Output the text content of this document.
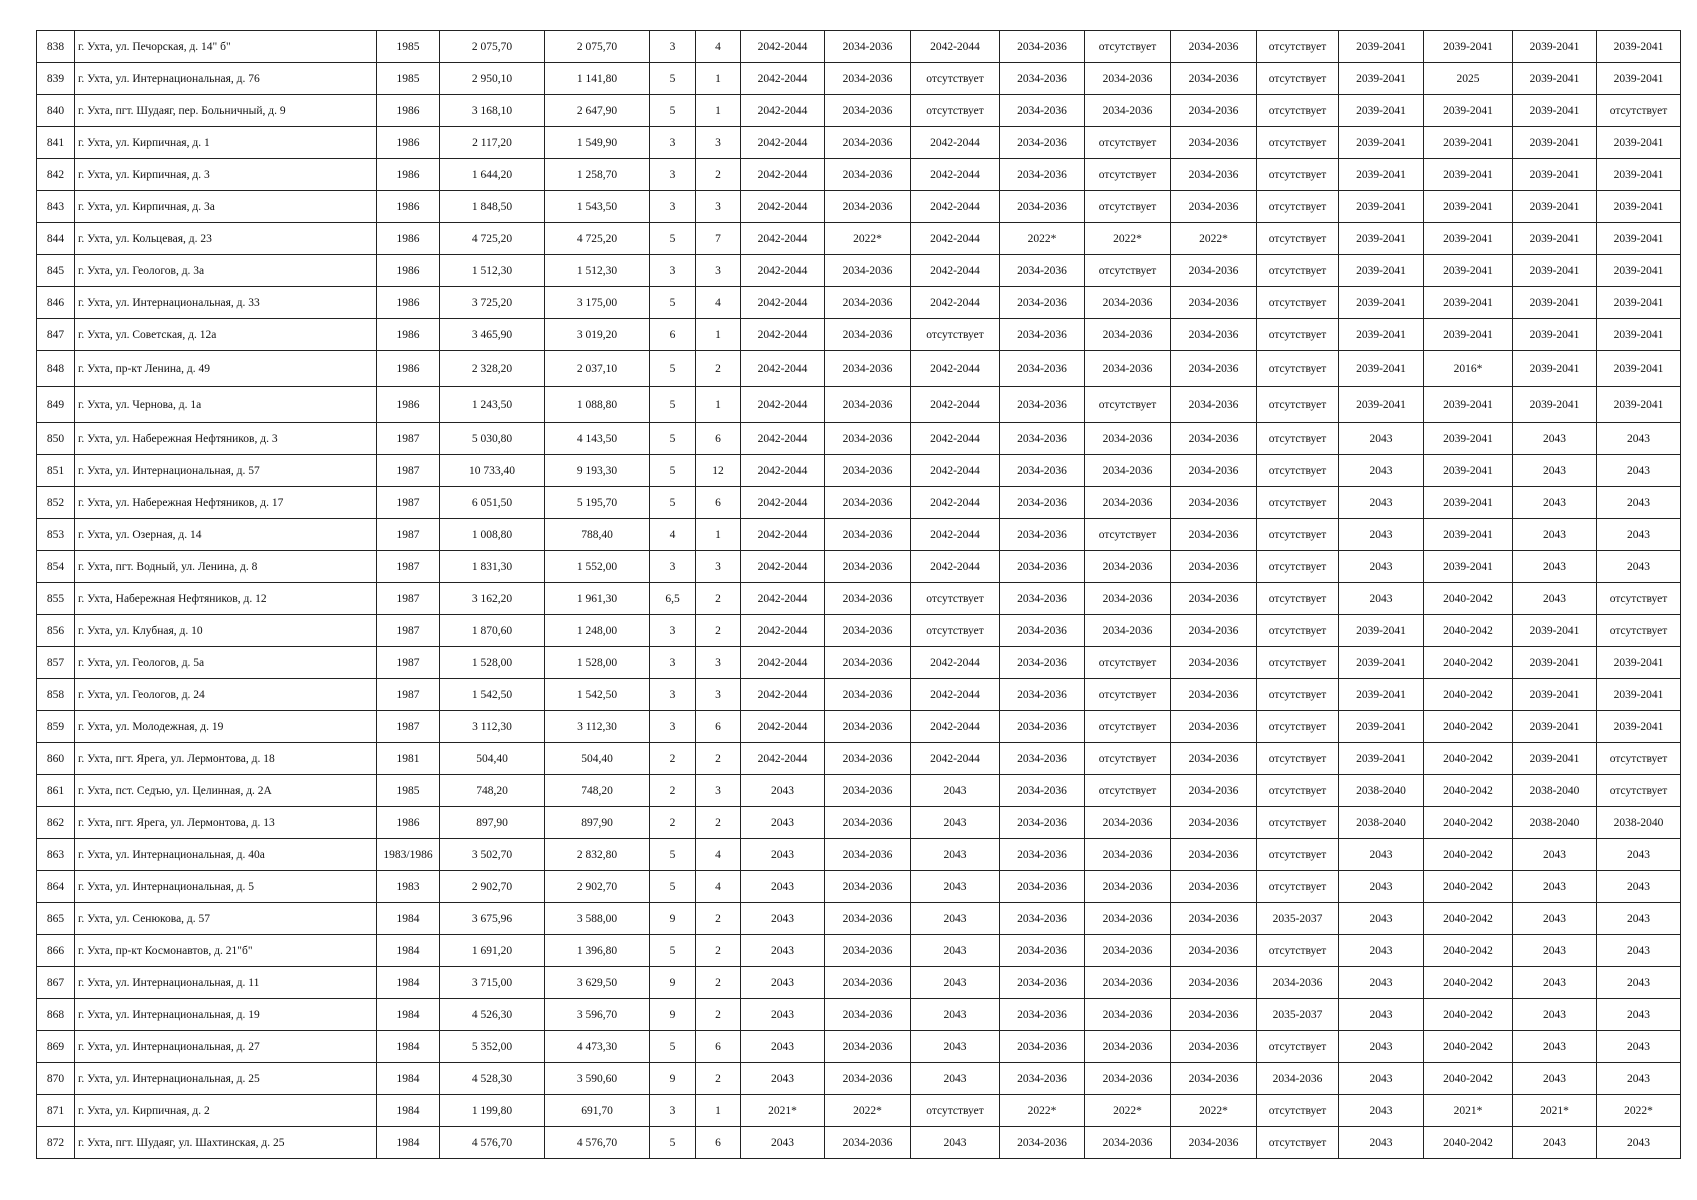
838	г. Ухта, ул. Печорская, д. 14" б"	1985	2 075,70	2 075,70	3	4	2042-2044	2034-2036	2042-2044	2034-2036	отсутствует	2034-2036	отсутствует	2039-2041	2039-2041	2039-2041	2039-2041
839	г. Ухта, ул. Интернациональная, д. 76	1985	2 950,10	1 141,80	5	1	2042-2044	2034-2036	отсутствует	2034-2036	2034-2036	2034-2036	отсутствует	2039-2041	2025	2039-2041	2039-2041
840	г. Ухта, пгт. Шудаяг, пер. Больничный, д. 9	1986	3 168,10	2 647,90	5	1	2042-2044	2034-2036	отсутствует	2034-2036	2034-2036	2034-2036	отсутствует	2039-2041	2039-2041	2039-2041	отсутствует
841	г. Ухта, ул. Кирпичная, д. 1	1986	2 117,20	1 549,90	3	3	2042-2044	2034-2036	2042-2044	2034-2036	отсутствует	2034-2036	отсутствует	2039-2041	2039-2041	2039-2041	2039-2041
842	г. Ухта, ул. Кирпичная, д. 3	1986	1 644,20	1 258,70	3	2	2042-2044	2034-2036	2042-2044	2034-2036	отсутствует	2034-2036	отсутствует	2039-2041	2039-2041	2039-2041	2039-2041
843	г. Ухта, ул. Кирпичная, д. 3а	1986	1 848,50	1 543,50	3	3	2042-2044	2034-2036	2042-2044	2034-2036	отсутствует	2034-2036	отсутствует	2039-2041	2039-2041	2039-2041	2039-2041
844	г. Ухта, ул. Кольцевая, д. 23	1986	4 725,20	4 725,20	5	7	2042-2044	2022*	2042-2044	2022*	2022*	2022*	отсутствует	2039-2041	2039-2041	2039-2041	2039-2041
845	г. Ухта, ул. Геологов, д. 3а	1986	1 512,30	1 512,30	3	3	2042-2044	2034-2036	2042-2044	2034-2036	отсутствует	2034-2036	отсутствует	2039-2041	2039-2041	2039-2041	2039-2041
846	г. Ухта, ул. Интернациональная, д. 33	1986	3 725,20	3 175,00	5	4	2042-2044	2034-2036	2042-2044	2034-2036	2034-2036	2034-2036	отсутствует	2039-2041	2039-2041	2039-2041	2039-2041
847	г. Ухта, ул. Советская, д. 12а	1986	3 465,90	3 019,20	6	1	2042-2044	2034-2036	отсутствует	2034-2036	2034-2036	2034-2036	отсутствует	2039-2041	2039-2041	2039-2041	2039-2041
848	г. Ухта, пр-кт Ленина, д. 49	1986	2 328,20	2 037,10	5	2	2042-2044	2034-2036	2042-2044	2034-2036	2034-2036	2034-2036	отсутствует	2039-2041	2016*	2039-2041	2039-2041
849	г. Ухта, ул. Чернова, д. 1а	1986	1 243,50	1 088,80	5	1	2042-2044	2034-2036	2042-2044	2034-2036	отсутствует	2034-2036	отсутствует	2039-2041	2039-2041	2039-2041	2039-2041
850	г. Ухта, ул. Набережная Нефтяников, д. 3	1987	5 030,80	4 143,50	5	6	2042-2044	2034-2036	2042-2044	2034-2036	2034-2036	2034-2036	отсутствует	2043	2039-2041	2043	2043
851	г. Ухта, ул. Интернациональная, д. 57	1987	10 733,40	9 193,30	5	12	2042-2044	2034-2036	2042-2044	2034-2036	2034-2036	2034-2036	отсутствует	2043	2039-2041	2043	2043
852	г. Ухта, ул. Набережная Нефтяников, д. 17	1987	6 051,50	5 195,70	5	6	2042-2044	2034-2036	2042-2044	2034-2036	2034-2036	2034-2036	отсутствует	2043	2039-2041	2043	2043
853	г. Ухта, ул. Озерная, д. 14	1987	1 008,80	788,40	4	1	2042-2044	2034-2036	2042-2044	2034-2036	отсутствует	2034-2036	отсутствует	2043	2039-2041	2043	2043
854	г. Ухта, пгт. Водный, ул. Ленина, д. 8	1987	1 831,30	1 552,00	3	3	2042-2044	2034-2036	2042-2044	2034-2036	2034-2036	2034-2036	отсутствует	2043	2039-2041	2043	2043
855	г. Ухта, Набережная Нефтяников, д. 12	1987	3 162,20	1 961,30	6,5	2	2042-2044	2034-2036	отсутствует	2034-2036	2034-2036	2034-2036	отсутствует	2043	2040-2042	2043	отсутствует
856	г. Ухта, ул. Клубная, д. 10	1987	1 870,60	1 248,00	3	2	2042-2044	2034-2036	отсутствует	2034-2036	2034-2036	2034-2036	отсутствует	2039-2041	2040-2042	2039-2041	отсутствует
857	г. Ухта, ул. Геологов, д. 5а	1987	1 528,00	1 528,00	3	3	2042-2044	2034-2036	2042-2044	2034-2036	отсутствует	2034-2036	отсутствует	2039-2041	2040-2042	2039-2041	2039-2041
858	г. Ухта, ул. Геологов, д. 24	1987	1 542,50	1 542,50	3	3	2042-2044	2034-2036	2042-2044	2034-2036	отсутствует	2034-2036	отсутствует	2039-2041	2040-2042	2039-2041	2039-2041
859	г. Ухта, ул. Молодежная, д. 19	1987	3 112,30	3 112,30	3	6	2042-2044	2034-2036	2042-2044	2034-2036	отсутствует	2034-2036	отсутствует	2039-2041	2040-2042	2039-2041	2039-2041
860	г. Ухта, пгт. Ярега, ул. Лермонтова, д. 18	1981	504,40	504,40	2	2	2042-2044	2034-2036	2042-2044	2034-2036	отсутствует	2034-2036	отсутствует	2039-2041	2040-2042	2039-2041	отсутствует
861	г. Ухта, пст. Седъю, ул. Целинная, д. 2А	1985	748,20	748,20	2	3	2043	2034-2036	2043	2034-2036	отсутствует	2034-2036	отсутствует	2038-2040	2040-2042	2038-2040	отсутствует
862	г. Ухта, пгт. Ярега, ул. Лермонтова, д. 13	1986	897,90	897,90	2	2	2043	2034-2036	2043	2034-2036	2034-2036	2034-2036	отсутствует	2038-2040	2040-2042	2038-2040	2038-2040
863	г. Ухта, ул. Интернациональная, д. 40а	1983/1986	3 502,70	2 832,80	5	4	2043	2034-2036	2043	2034-2036	2034-2036	2034-2036	отсутствует	2043	2040-2042	2043	2043
864	г. Ухта, ул. Интернациональная, д. 5	1983	2 902,70	2 902,70	5	4	2043	2034-2036	2043	2034-2036	2034-2036	2034-2036	отсутствует	2043	2040-2042	2043	2043
865	г. Ухта, ул. Сенюкова, д. 57	1984	3 675,96	3 588,00	9	2	2043	2034-2036	2043	2034-2036	2034-2036	2034-2036	2035-2037	2043	2040-2042	2043	2043
866	г. Ухта, пр-кт Космонавтов, д. 21"б"	1984	1 691,20	1 396,80	5	2	2043	2034-2036	2043	2034-2036	2034-2036	2034-2036	отсутствует	2043	2040-2042	2043	2043
867	г. Ухта, ул. Интернациональная, д. 11	1984	3 715,00	3 629,50	9	2	2043	2034-2036	2043	2034-2036	2034-2036	2034-2036	2034-2036	2043	2040-2042	2043	2043
868	г. Ухта, ул. Интернациональная, д. 19	1984	4 526,30	3 596,70	9	2	2043	2034-2036	2043	2034-2036	2034-2036	2034-2036	2035-2037	2043	2040-2042	2043	2043
869	г. Ухта, ул. Интернациональная, д. 27	1984	5 352,00	4 473,30	5	6	2043	2034-2036	2043	2034-2036	2034-2036	2034-2036	отсутствует	2043	2040-2042	2043	2043
870	г. Ухта, ул. Интернациональная, д. 25	1984	4 528,30	3 590,60	9	2	2043	2034-2036	2043	2034-2036	2034-2036	2034-2036	2034-2036	2043	2040-2042	2043	2043
871	г. Ухта, ул. Кирпичная, д. 2	1984	1 199,80	691,70	3	1	2021*	2022*	отсутствует	2022*	2022*	2022*	отсутствует	2043	2021*	2021*	2022*
872	г. Ухта, пгт. Шудаяг, ул. Шахтинская, д. 25	1984	4 576,70	4 576,70	5	6	2043	2034-2036	2043	2034-2036	2034-2036	2034-2036	отсутствует	2043	2040-2042	2043	2043
